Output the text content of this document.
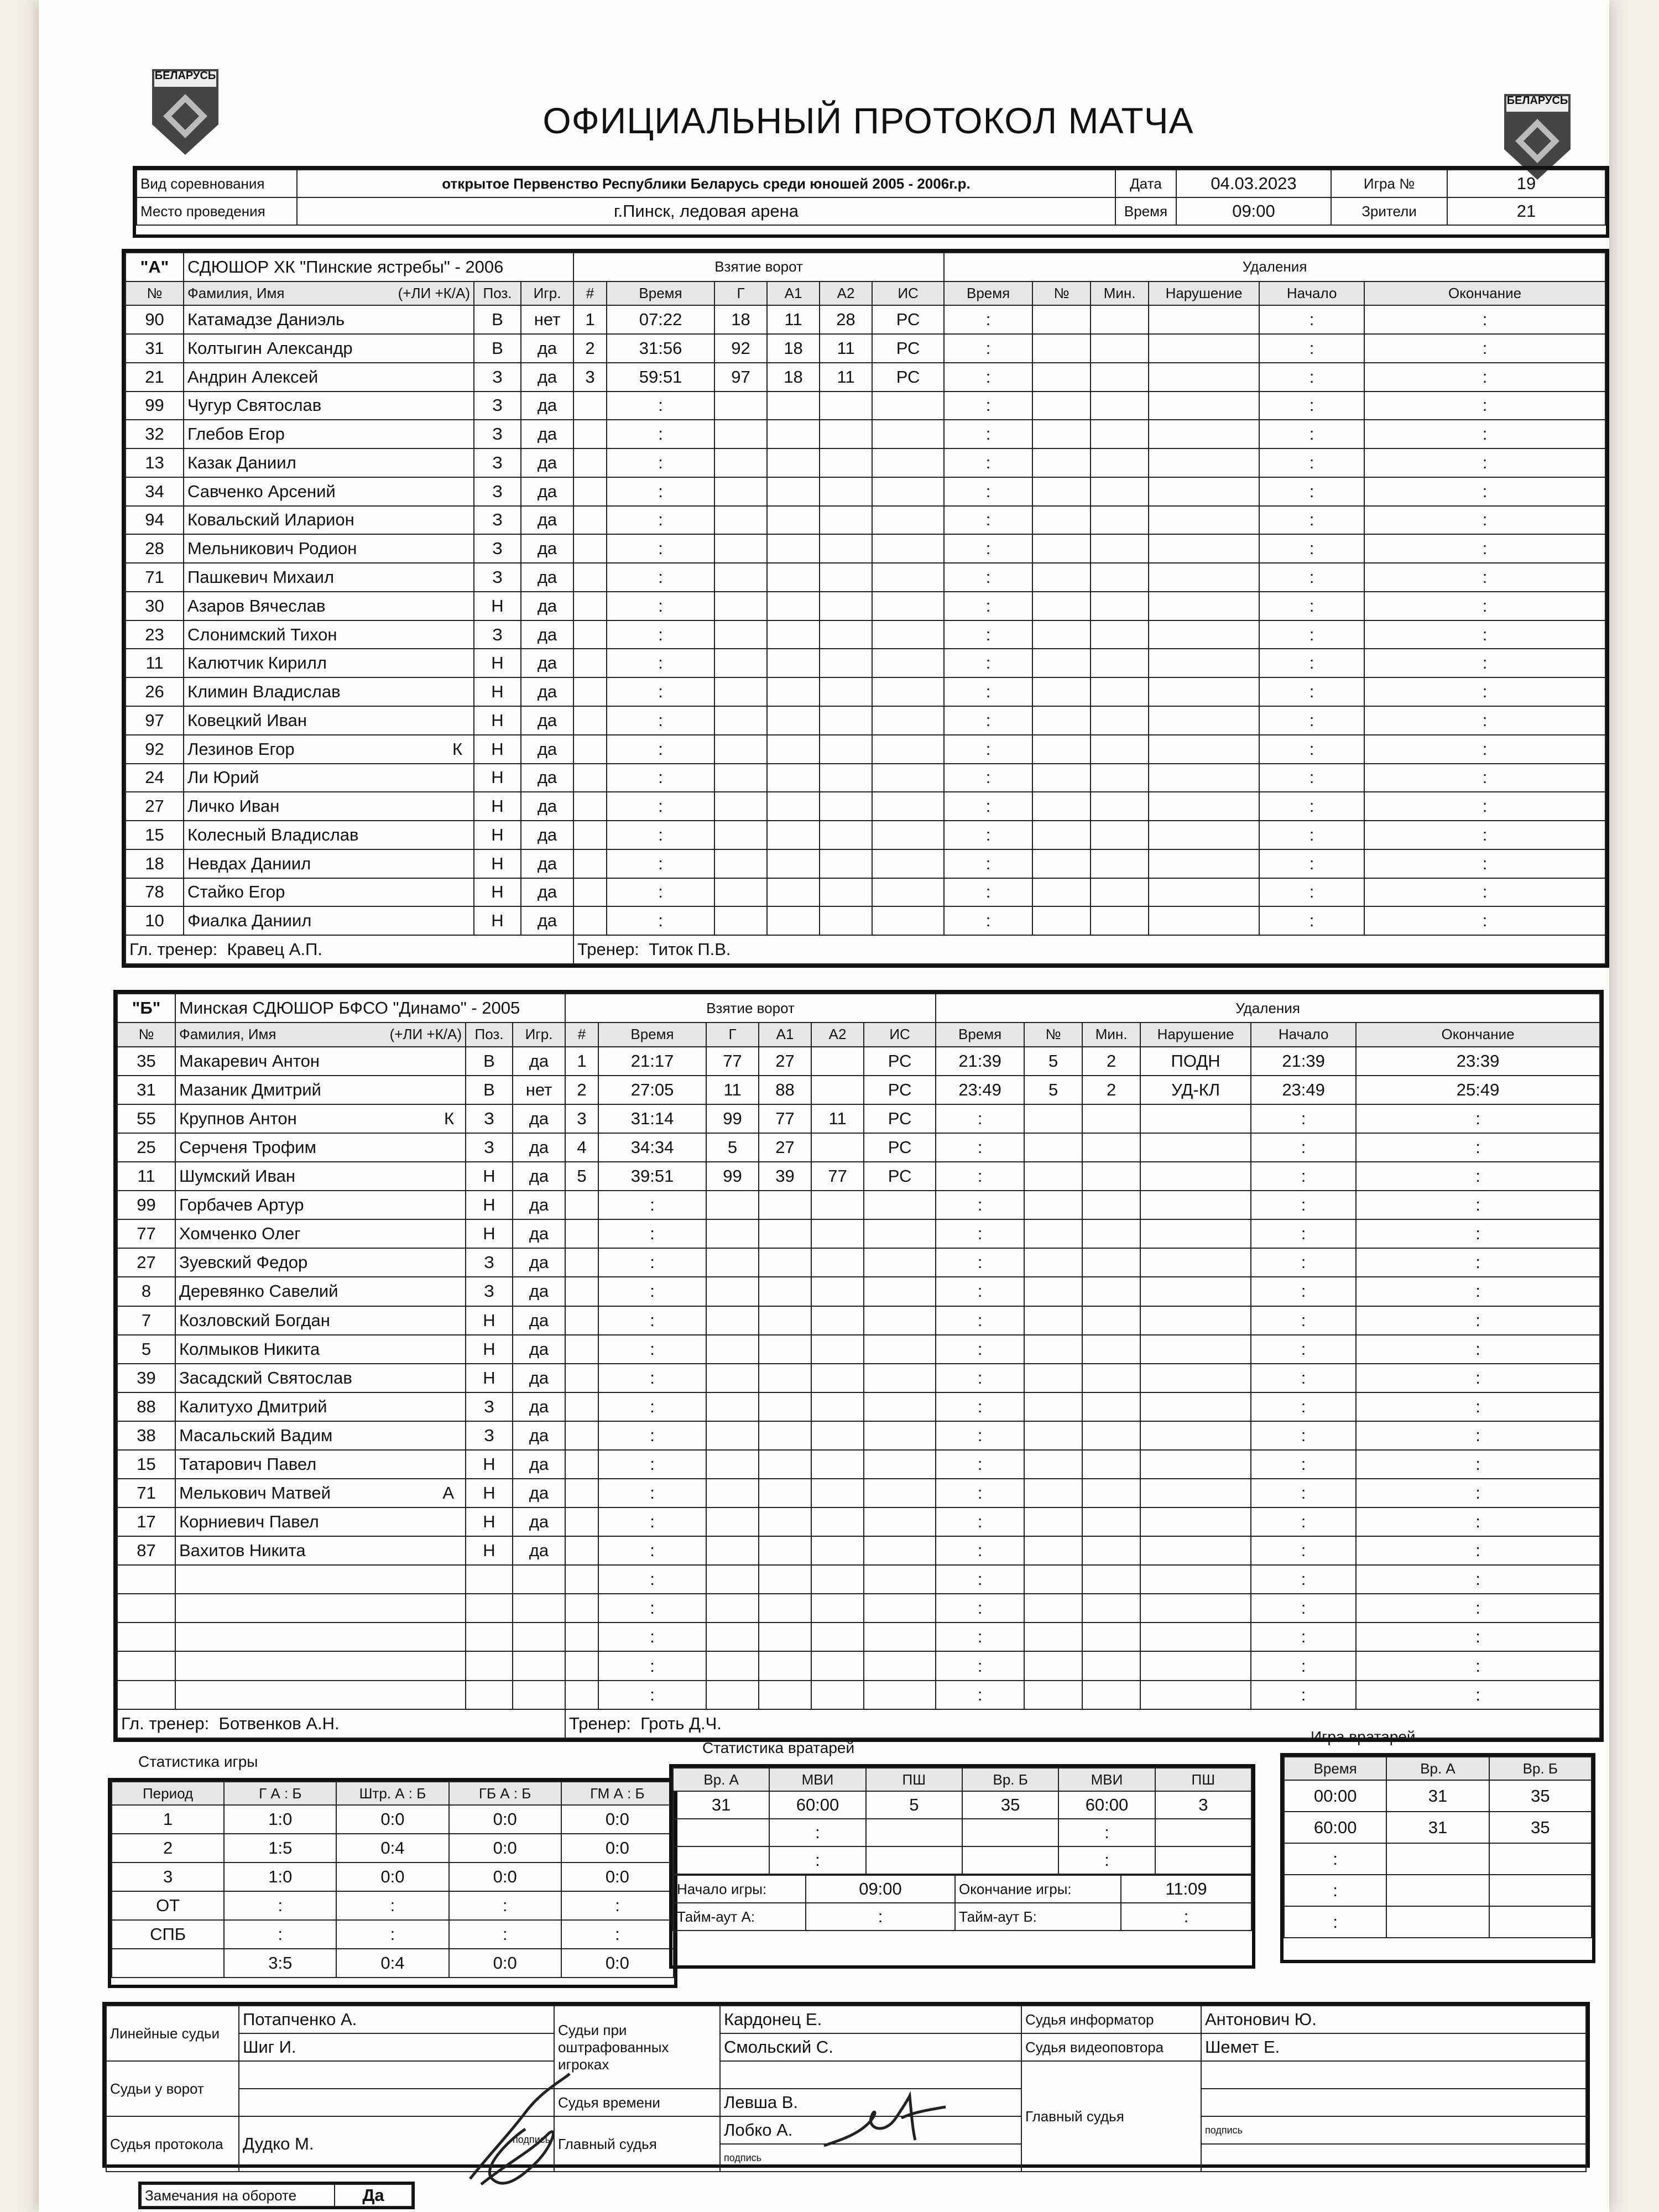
БЕЛАРУСЬ
БЕЛАРУСЬ
ОФИЦИАЛЬНЫЙ ПРОТОКОЛ МАТЧА
Вид соревнования	открытое Первенство Республики Беларусь среди юношей 2005 - 2006г.р.	Дата	04.03.2023	Игра №	19
Место проведения	г.Пинск, ледовая арена	Время	09:00	Зрители	21
"А"	СДЮШОР ХК "Пинские ястребы" - 2006			Взятие ворот						Удаления					
№	Фамилия, Имя (+ЛИ +К/А)	Поз.	Игр.	#	Время	Г	А1	А2	ИС	Время	№	Мин.	Нарушение	Начало	Окончание
90	Катамадзе Даниэль	В	нет	1	07:22	18	11	28	РС	:				:	:
31	Колтыгин Александр	В	да	2	31:56	92	18	11	РС	:				:	:
21	Андрин Алексей	З	да	3	59:51	97	18	11	РС	:				:	:
99	Чугур Святослав	З	да		:					:				:	:
32	Глебов Егор	З	да		:					:				:	:
13	Казак Даниил	З	да		:					:				:	:
34	Савченко Арсений	З	да		:					:				:	:
94	Ковальский Иларион	З	да		:					:				:	:
28	Мельникович Родион	З	да		:					:				:	:
71	Пашкевич Михаил	З	да		:					:				:	:
30	Азаров Вячеслав	Н	да		:					:				:	:
23	Слонимский Тихон	З	да		:					:				:	:
11	Калютчик Кирилл	Н	да		:					:				:	:
26	Климин Владислав	Н	да		:					:				:	:
97	Ковецкий Иван	Н	да		:					:				:	:
92	Лезинов Егор К	Н	да		:					:				:	:
24	Ли Юрий	Н	да		:					:				:	:
27	Личко Иван	Н	да		:					:				:	:
15	Колесный Владислав	Н	да		:					:				:	:
18	Невдах Даниил	Н	да		:					:				:	:
78	Стайко Егор	Н	да		:					:				:	:
10	Фиалка Даниил	Н	да		:					:				:	:
Гл. тренер: Кравец А.П.				Тренер: Титок П.В.											
"Б"	Минская СДЮШОР БФСО "Динамо" - 2005			Взятие ворот						Удаления					
№	Фамилия, Имя (+ЛИ +К/А)	Поз.	Игр.	#	Время	Г	А1	А2	ИС	Время	№	Мин.	Нарушение	Начало	Окончание
35	Макаревич Антон	В	да	1	21:17	77	27		РС	21:39	5	2	ПОДН	21:39	23:39
31	Мазаник Дмитрий	В	нет	2	27:05	11	88		РС	23:49	5	2	УД-КЛ	23:49	25:49
55	Крупнов Антон К	З	да	3	31:14	99	77	11	РС	:				:	:
25	Серченя Трофим	З	да	4	34:34	5	27		РС	:				:	:
11	Шумский Иван	Н	да	5	39:51	99	39	77	РС	:				:	:
99	Горбачев Артур	Н	да		:					:				:	:
77	Хомченко Олег	Н	да		:					:				:	:
27	Зуевский Федор	З	да		:					:				:	:
8	Деревянко Савелий	З	да		:					:				:	:
7	Козловский Богдан	Н	да		:					:				:	:
5	Колмыков Никита	Н	да		:					:				:	:
39	Засадский Святослав	Н	да		:					:				:	:
88	Калитухо Дмитрий	З	да		:					:				:	:
38	Масальский Вадим	З	да		:					:				:	:
15	Татарович Павел	Н	да		:					:				:	:
71	Мелькович Матвей А	Н	да		:					:				:	:
17	Корниевич Павел	Н	да		:					:				:	:
87	Вахитов Никита	Н	да		:					:				:	:
					:					:				:	:
					:					:				:	:
					:					:				:	:
					:					:				:	:
					:					:				:	:
Гл. тренер: Ботвенков А.Н.				Тренер: Гроть Д.Ч.											
Статистика игры
Период	Г А : Б	Штр. А : Б	ГБ А : Б	ГМ А : Б
1	1:0	0:0	0:0	0:0
2	1:5	0:4	0:0	0:0
3	1:0	0:0	0:0	0:0
ОТ	:	:	:	:
СПБ	:	:	:	:
	3:5	0:4	0:0	0:0
Статистика вратарей
Вр. А	МВИ	ПШ	Вр. Б	МВИ	ПШ
31	60:00	5	35	60:00	3
	:			:	
	:			:	
Начало игры:	09:00	Окончание игры:	11:09
Тайм-аут А:	:	Тайм-аут Б:	:
Игра вратарей
Время	Вр. А	Вр. Б
00:00	31	35
60:00	31	35
:		
:		
:		
Линейные судьи	Потапченко А.	Судьи при оштрафованных игроках	Кардонец Е.	Судья информатор	Антонович Ю.
	Шиг И.		Смольский С.	Судья видеоповтора	Шемет Е.
Судьи у ворот				Главный судья	
		Судья времени	Левша В.		
Судья протокола	Дудко М. подпись	Главный судья	Лобко А.		подпись
			подпись		
Замечания на обороте	Да
